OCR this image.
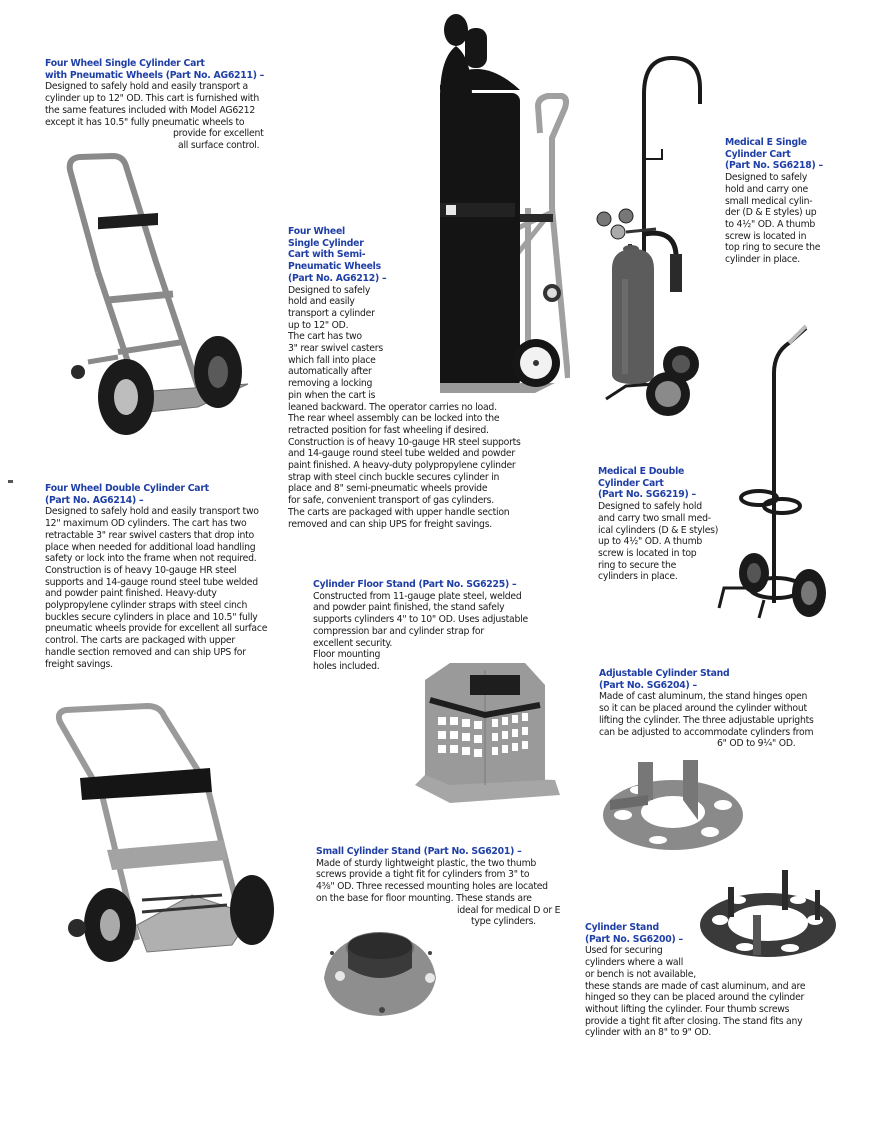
Four Wheel Single Cylinder Cart
with Pneumatic Wheels (Part No. AG6211) –
Designed to safely hold and easily transport a
cylinder up to 12" OD. This cart is furnished with
the same features included with Model AG6212
except it has 10.5" fully pneumatic wheels to
provide for excellent
all surface control.
Four Wheel
Single Cylinder
Cart with Semi-
Pneumatic Wheels
(Part No. AG6212) –
Designed to safely
hold and easily
transport a cylinder
up to 12" OD.
The cart has two
3" rear swivel casters
which fall into place
automatically after
removing a locking
pin when the cart is
leaned backward. The operator carries no load.
The rear wheel assembly can be locked into the
retracted position for fast wheeling if desired.
Construction is of heavy 10-gauge HR steel supports
and 14-gauge round steel tube welded and powder
paint finished. A heavy-duty polypropylene cylinder
strap with steel cinch buckle secures cylinder in
place and 8" semi-pneumatic wheels provide
for safe, convenient transport of gas cylinders.
The carts are packaged with upper handle section
removed and can ship UPS for freight savings.
Medical E Single
Cylinder Cart
(Part No. SG6218) –
Designed to safely
hold and carry one
small medical cylin-
der (D & E styles) up
to 4½" OD. A thumb
screw is located in
top ring to secure the
cylinder in place.
Four Wheel Double Cylinder Cart
(Part No. AG6214) –
Designed to safely hold and easily transport two
12" maximum OD cylinders. The cart has two
retractable 3" rear swivel casters that drop into
place when needed for additional load handling
safety or lock into the frame when not required.
Construction is of heavy 10-gauge HR steel
supports and 14-gauge round steel tube welded
and powder paint finished. Heavy-duty
polypropylene cylinder straps with steel cinch
buckles secure cylinders in place and 10.5" fully
pneumatic wheels provide for excellent all surface
control. The carts are packaged with upper
handle section removed and can ship UPS for
freight savings.
Medical E Double
Cylinder Cart
(Part No. SG6219) –
Designed to safely hold
and carry two small med-
ical cylinders (D & E styles)
up to 4½" OD. A thumb
screw is located in top
ring to secure the
cylinders in place.
Cylinder Floor Stand (Part No. SG6225) –
Constructed from 11-gauge plate steel, welded
and powder paint finished, the stand safely
supports cylinders 4" to 10" OD. Uses adjustable
compression bar and cylinder strap for
excellent security.
Floor mounting
holes included.
Adjustable Cylinder Stand
(Part No. SG6204) –
Made of cast aluminum, the stand hinges open
so it can be placed around the cylinder without
lifting the cylinder. The three adjustable uprights
can be adjusted to accommodate cylinders from
6" OD to 9¼" OD.
Small Cylinder Stand (Part No. SG6201) –
Made of sturdy lightweight plastic, the two thumb
screws provide a tight fit for cylinders from 3" to
4⅜" OD. Three recessed mounting holes are located
on the base for floor mounting. These stands are
ideal for medical D or E
type cylinders.
Cylinder Stand
(Part No. SG6200) –
Used for securing
cylinders where a wall
or bench is not available,
these stands are made of cast aluminum, and are
hinged so they can be placed around the cylinder
without lifting the cylinder. Four thumb screws
provide a tight fit after closing. The stand fits any
cylinder with an 8" to 9" OD.
